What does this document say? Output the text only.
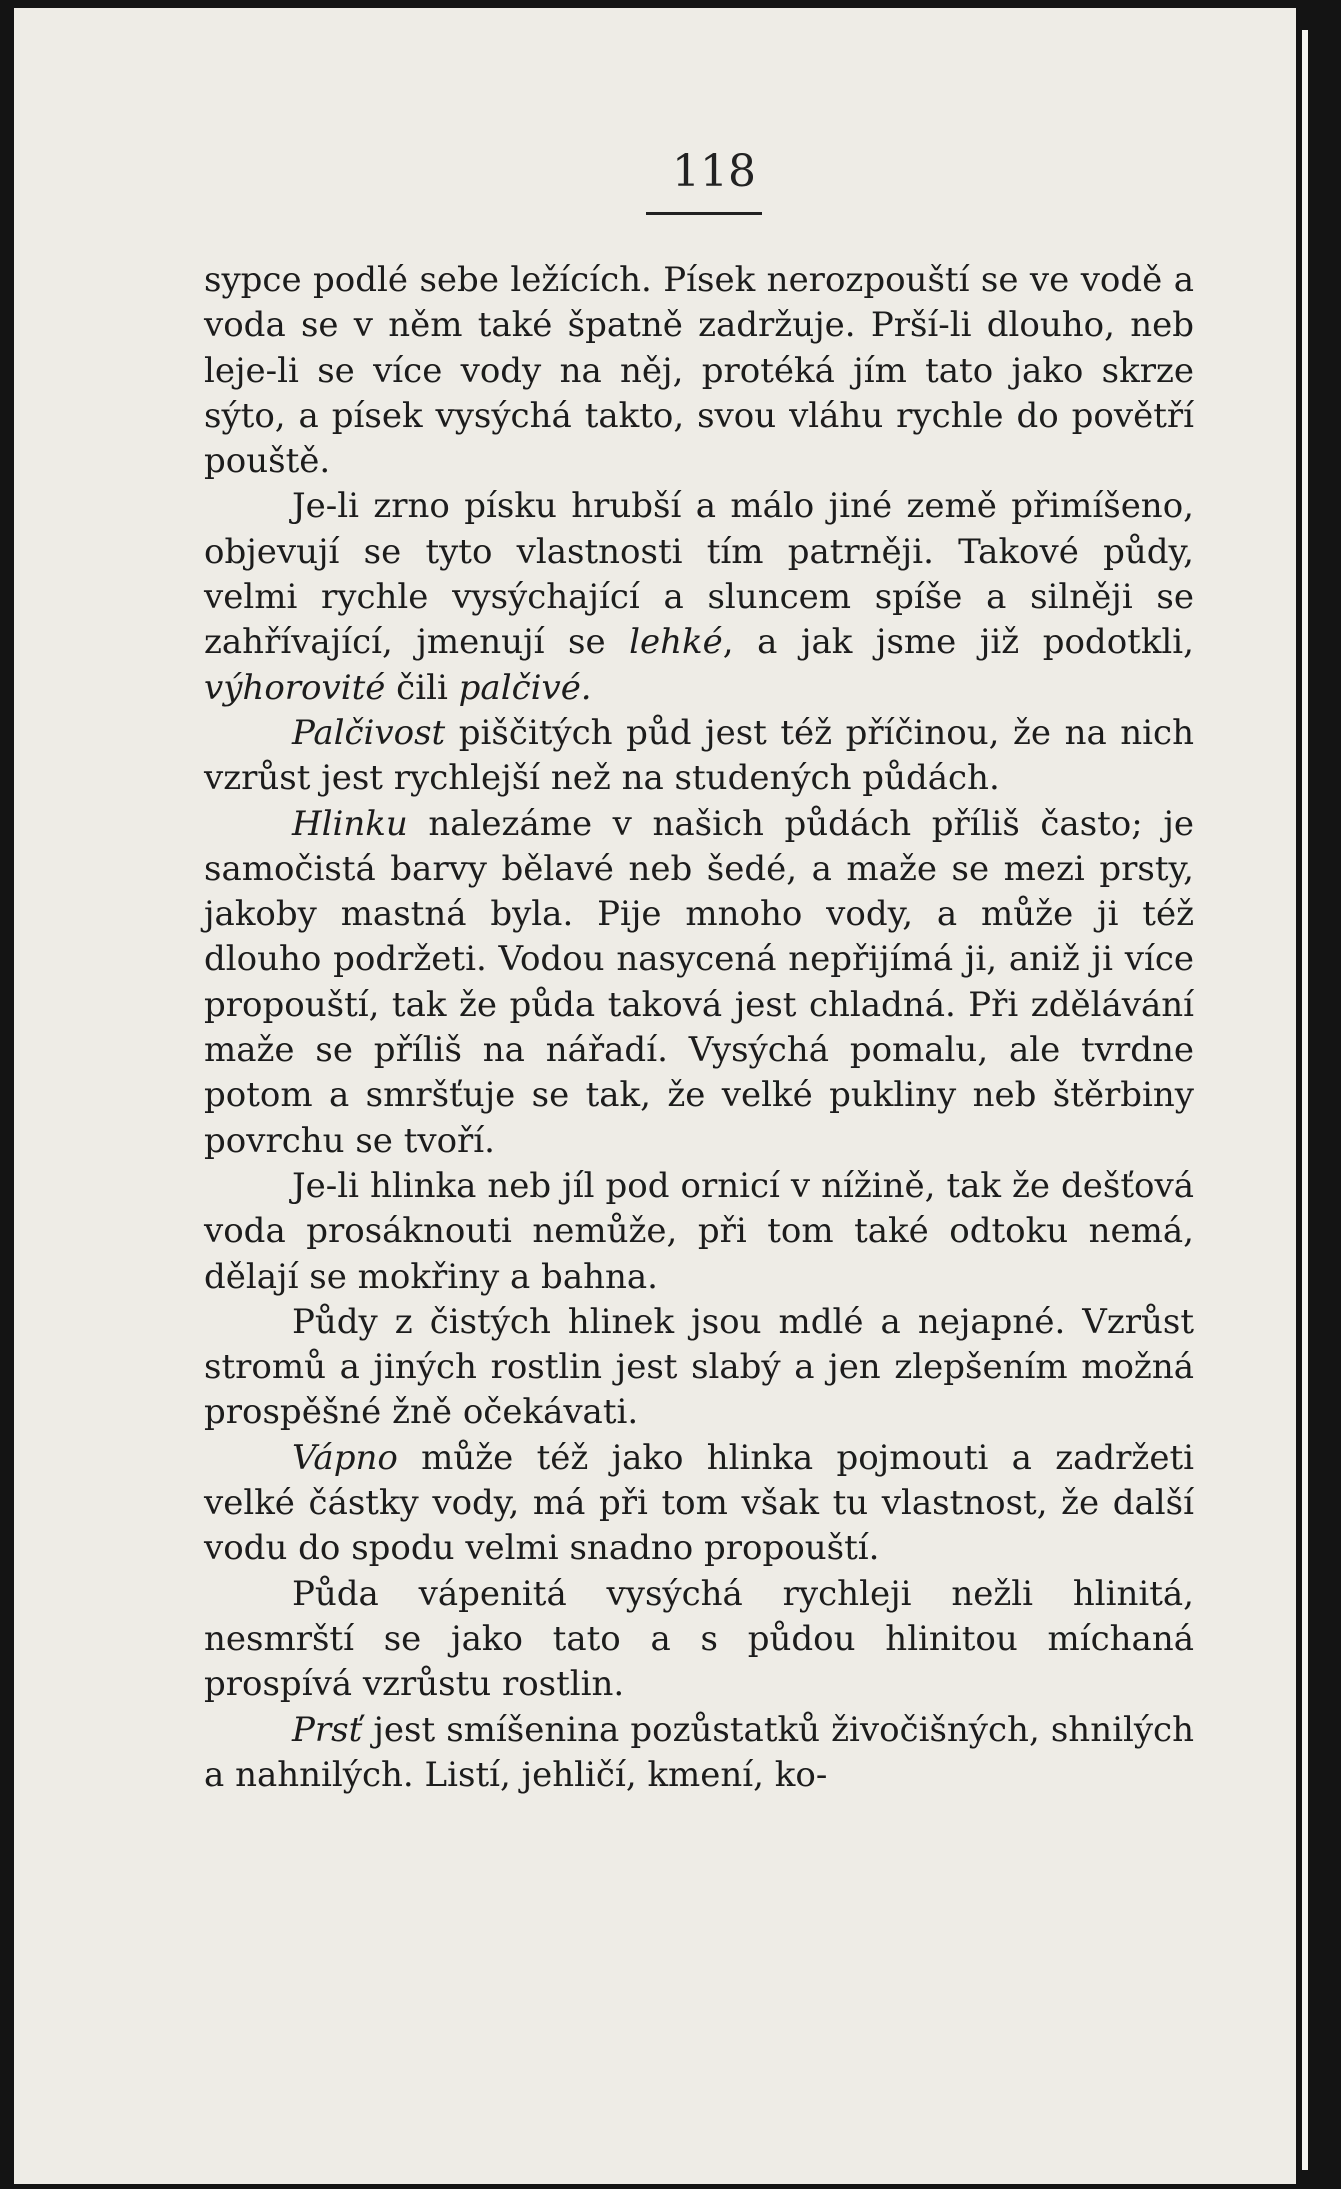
118

sypce podlé sebe ležících. Písek nerozpouští se ve vodě a voda se v něm také špatně zadržuje. Prší-li dlouho, neb leje-li se více vody na něj, protéká jím tato jako skrze sýto, a písek vysýchá takto, svou vláhu rychle do povětří pouště.

Je-li zrno písku hrubší a málo jiné země přimíšeno, objevují se tyto vlastnosti tím patrněji. Takové půdy, velmi rychle vysýchající a sluncem spíše a silněji se zahřívající, jmenují se lehké, a jak jsme již podotkli, výhorovité čili palčivé.

Palčivost piščitých půd jest též příčinou, že na nich vzrůst jest rychlejší než na studených půdách.

Hlinku nalezáme v našich půdách příliš často; je samočistá barvy bělavé neb šedé, a maže se mezi prsty, jakoby mastná byla. Pije mnoho vody, a může ji též dlouho podržeti. Vodou nasycená nepřijímá ji, aniž ji více propouští, tak že půda taková jest chladná. Při zdělávání maže se příliš na nářadí. Vysýchá pomalu, ale tvrdne potom a smršťuje se tak, že velké pukliny neb štěrbiny povrchu se tvoří.

Je-li hlinka neb jíl pod ornicí v nížině, tak že dešťová voda prosáknouti nemůže, při tom také odtoku nemá, dělají se mokřiny a bahna.

Půdy z čistých hlinek jsou mdlé a nejapné. Vzrůst stromů a jiných rostlin jest slabý a jen zlepšením možná prospěšné žně očekávati.

Vápno může též jako hlinka pojmouti a zadržeti velké částky vody, má při tom však tu vlastnost, že další vodu do spodu velmi snadno propouští.

Půda vápenitá vysýchá rychleji nežli hlinitá, nesmrští se jako tato a s půdou hlinitou míchaná prospívá vzrůstu rostlin.

Prsť jest smíšenina pozůstatků živočišných, shnilých a nahnilých. Listí, jehličí, kmení, ko-
